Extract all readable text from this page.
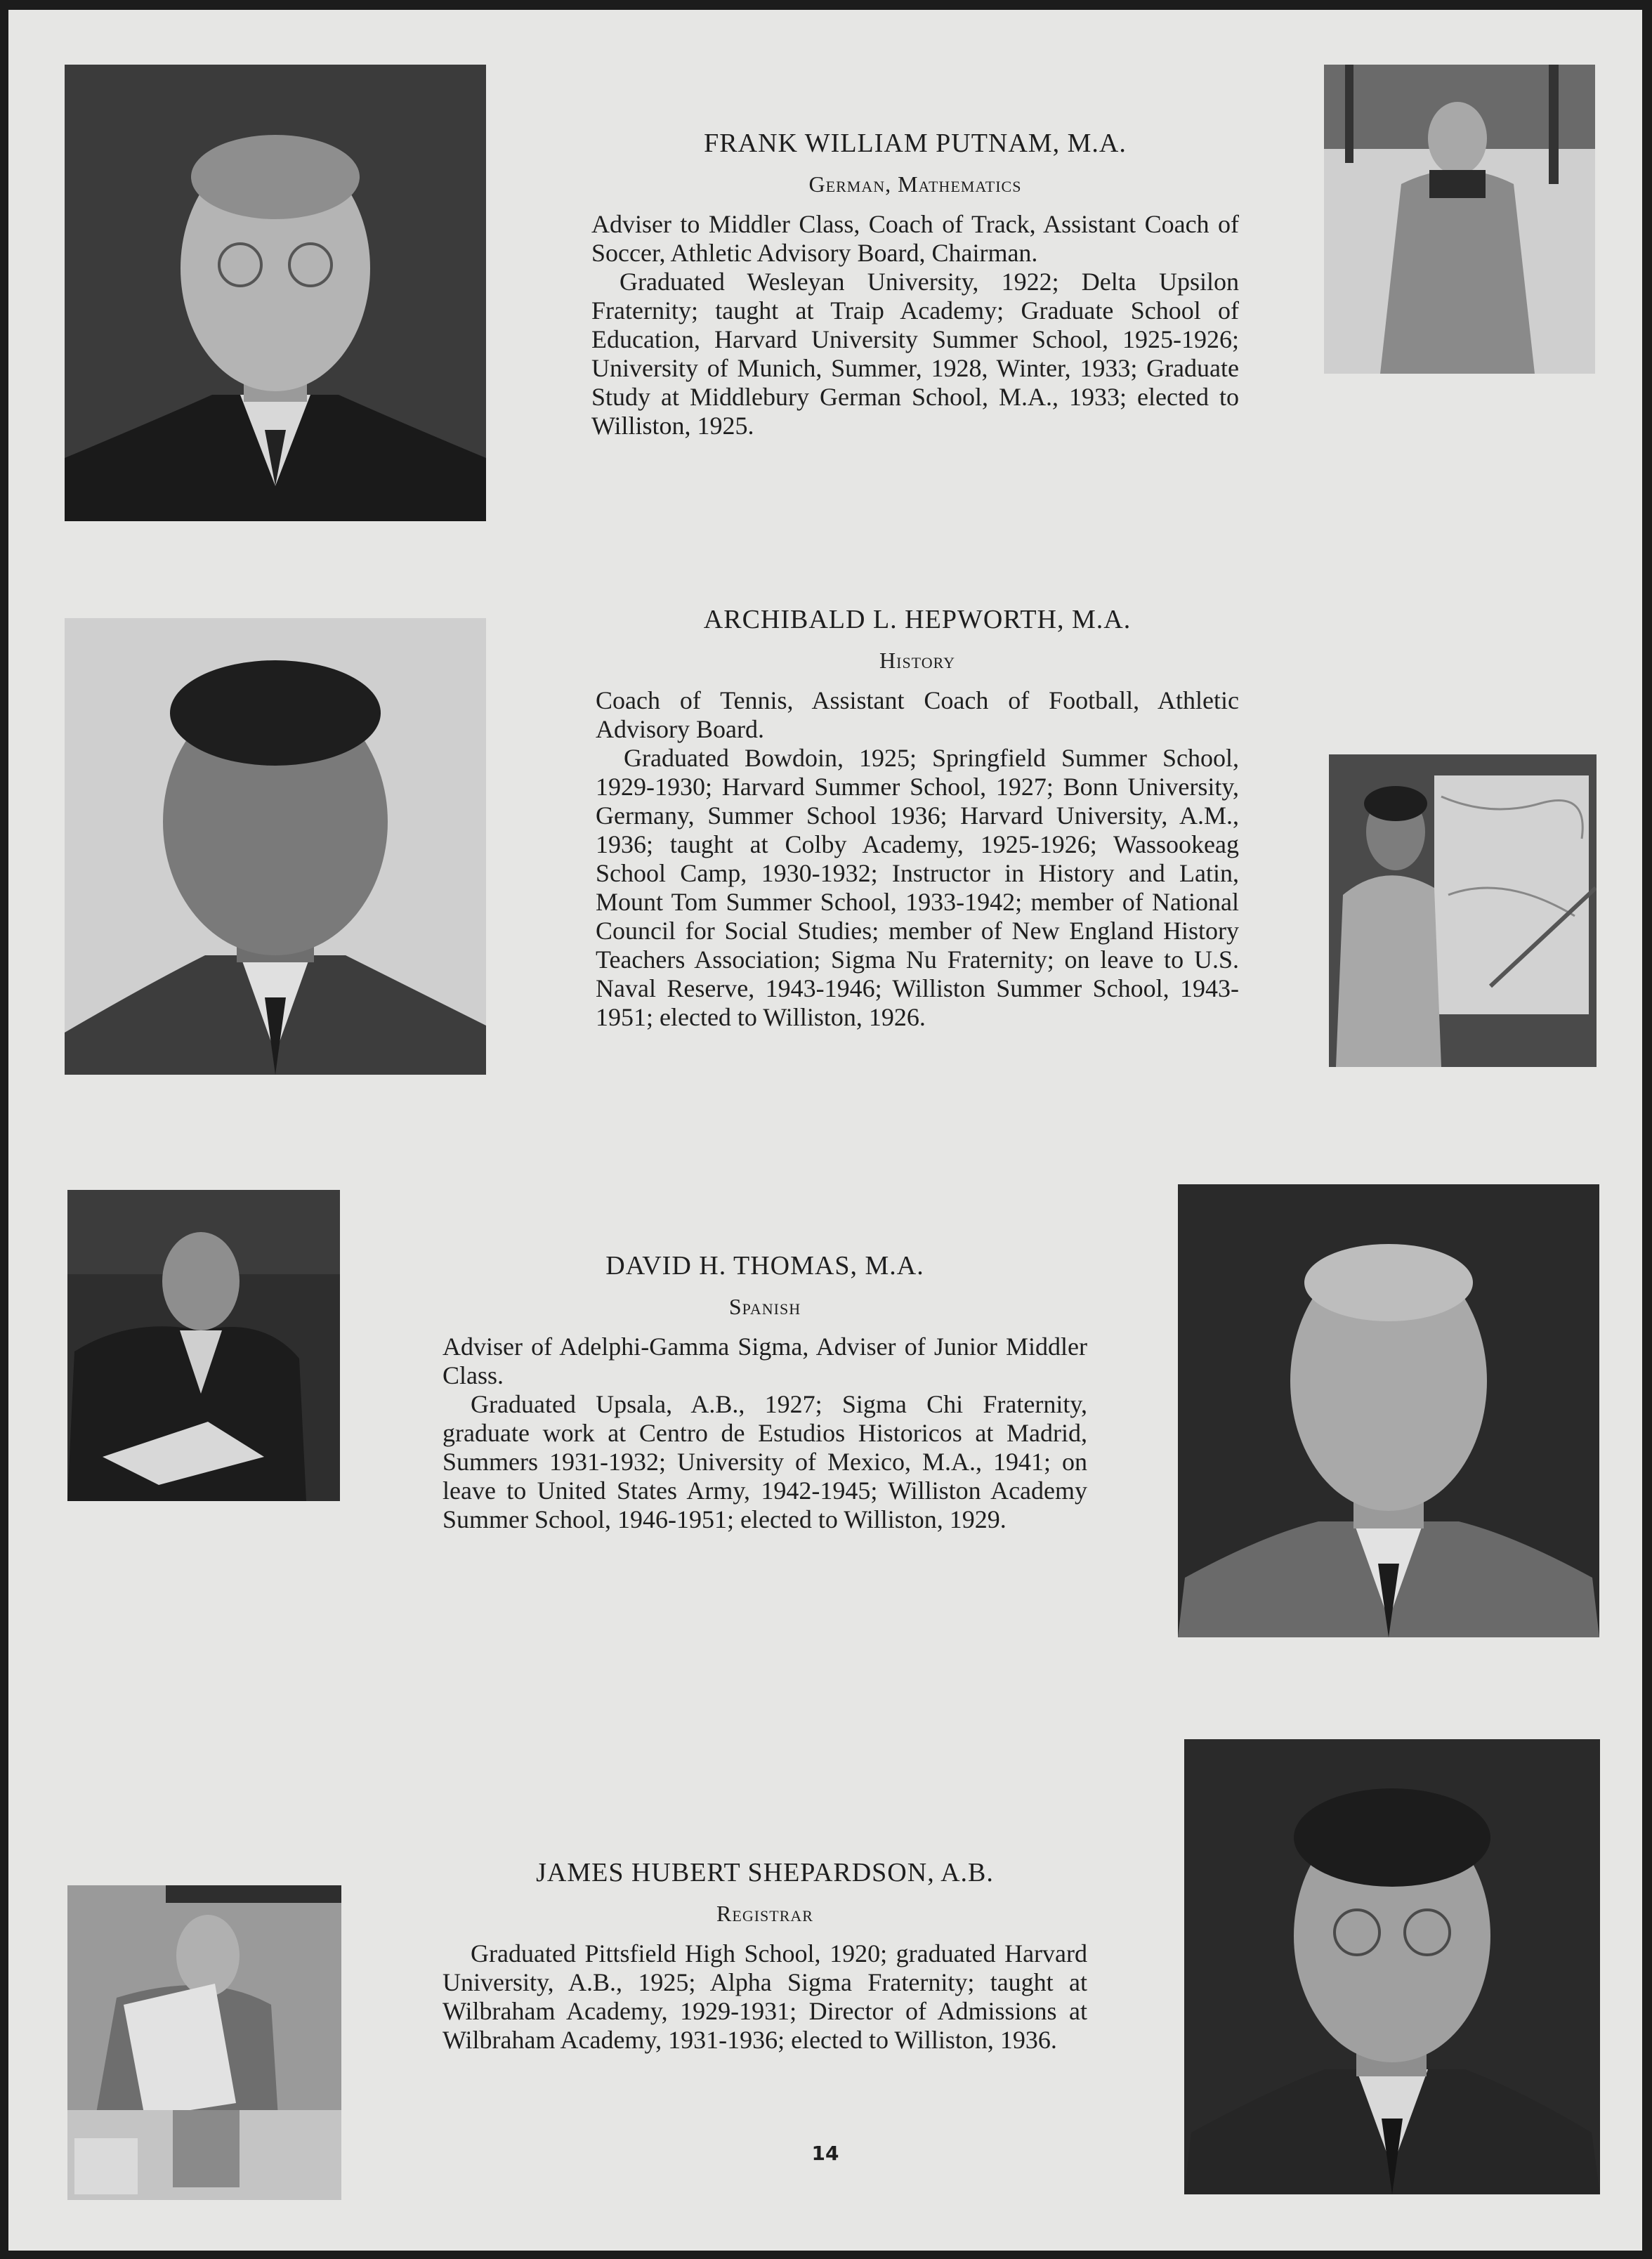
FRANK WILLIAM PUTNAM, M.A.
German, Mathematics

Adviser to Middler Class, Coach of Track, Assistant Coach of Soccer, Athletic Advisory Board, Chairman.

Graduated Wesleyan University, 1922; Delta Upsilon Fraternity; taught at Traip Academy; Graduate School of Education, Harvard University Summer School, 1925-1926; University of Munich, Summer, 1928, Winter, 1933; Graduate Study at Middlebury German School, M.A., 1933; elected to Williston, 1925.

ARCHIBALD L. HEPWORTH, M.A.
History

Coach of Tennis, Assistant Coach of Football, Athletic Advisory Board.

Graduated Bowdoin, 1925; Springfield Summer School, 1929-1930; Harvard Summer School, 1927; Bonn University, Germany, Summer School 1936; Harvard University, A.M., 1936; taught at Colby Academy, 1925-1926; Wassookeag School Camp, 1930-1932; Instructor in History and Latin, Mount Tom Summer School, 1933-1942; member of National Council for Social Studies; member of New England History Teachers Association; Sigma Nu Fraternity; on leave to U.S. Naval Reserve, 1943-1946; Williston Summer School, 1943-1951; elected to Williston, 1926.

DAVID H. THOMAS, M.A.
Spanish

Adviser of Adelphi-Gamma Sigma, Adviser of Junior Middler Class.

Graduated Upsala, A.B., 1927; Sigma Chi Fraternity, graduate work at Centro de Estudios Historicos at Madrid, Summers 1931-1932; University of Mexico, M.A., 1941; on leave to United States Army, 1942-1945; Williston Academy Summer School, 1946-1951; elected to Williston, 1929.

JAMES HUBERT SHEPARDSON, A.B.
Registrar

Graduated Pittsfield High School, 1920; graduated Harvard University, A.B., 1925; Alpha Sigma Fraternity; taught at Wilbraham Academy, 1929-1931; Director of Admissions at Wilbraham Academy, 1931-1936; elected to Williston, 1936.

14
